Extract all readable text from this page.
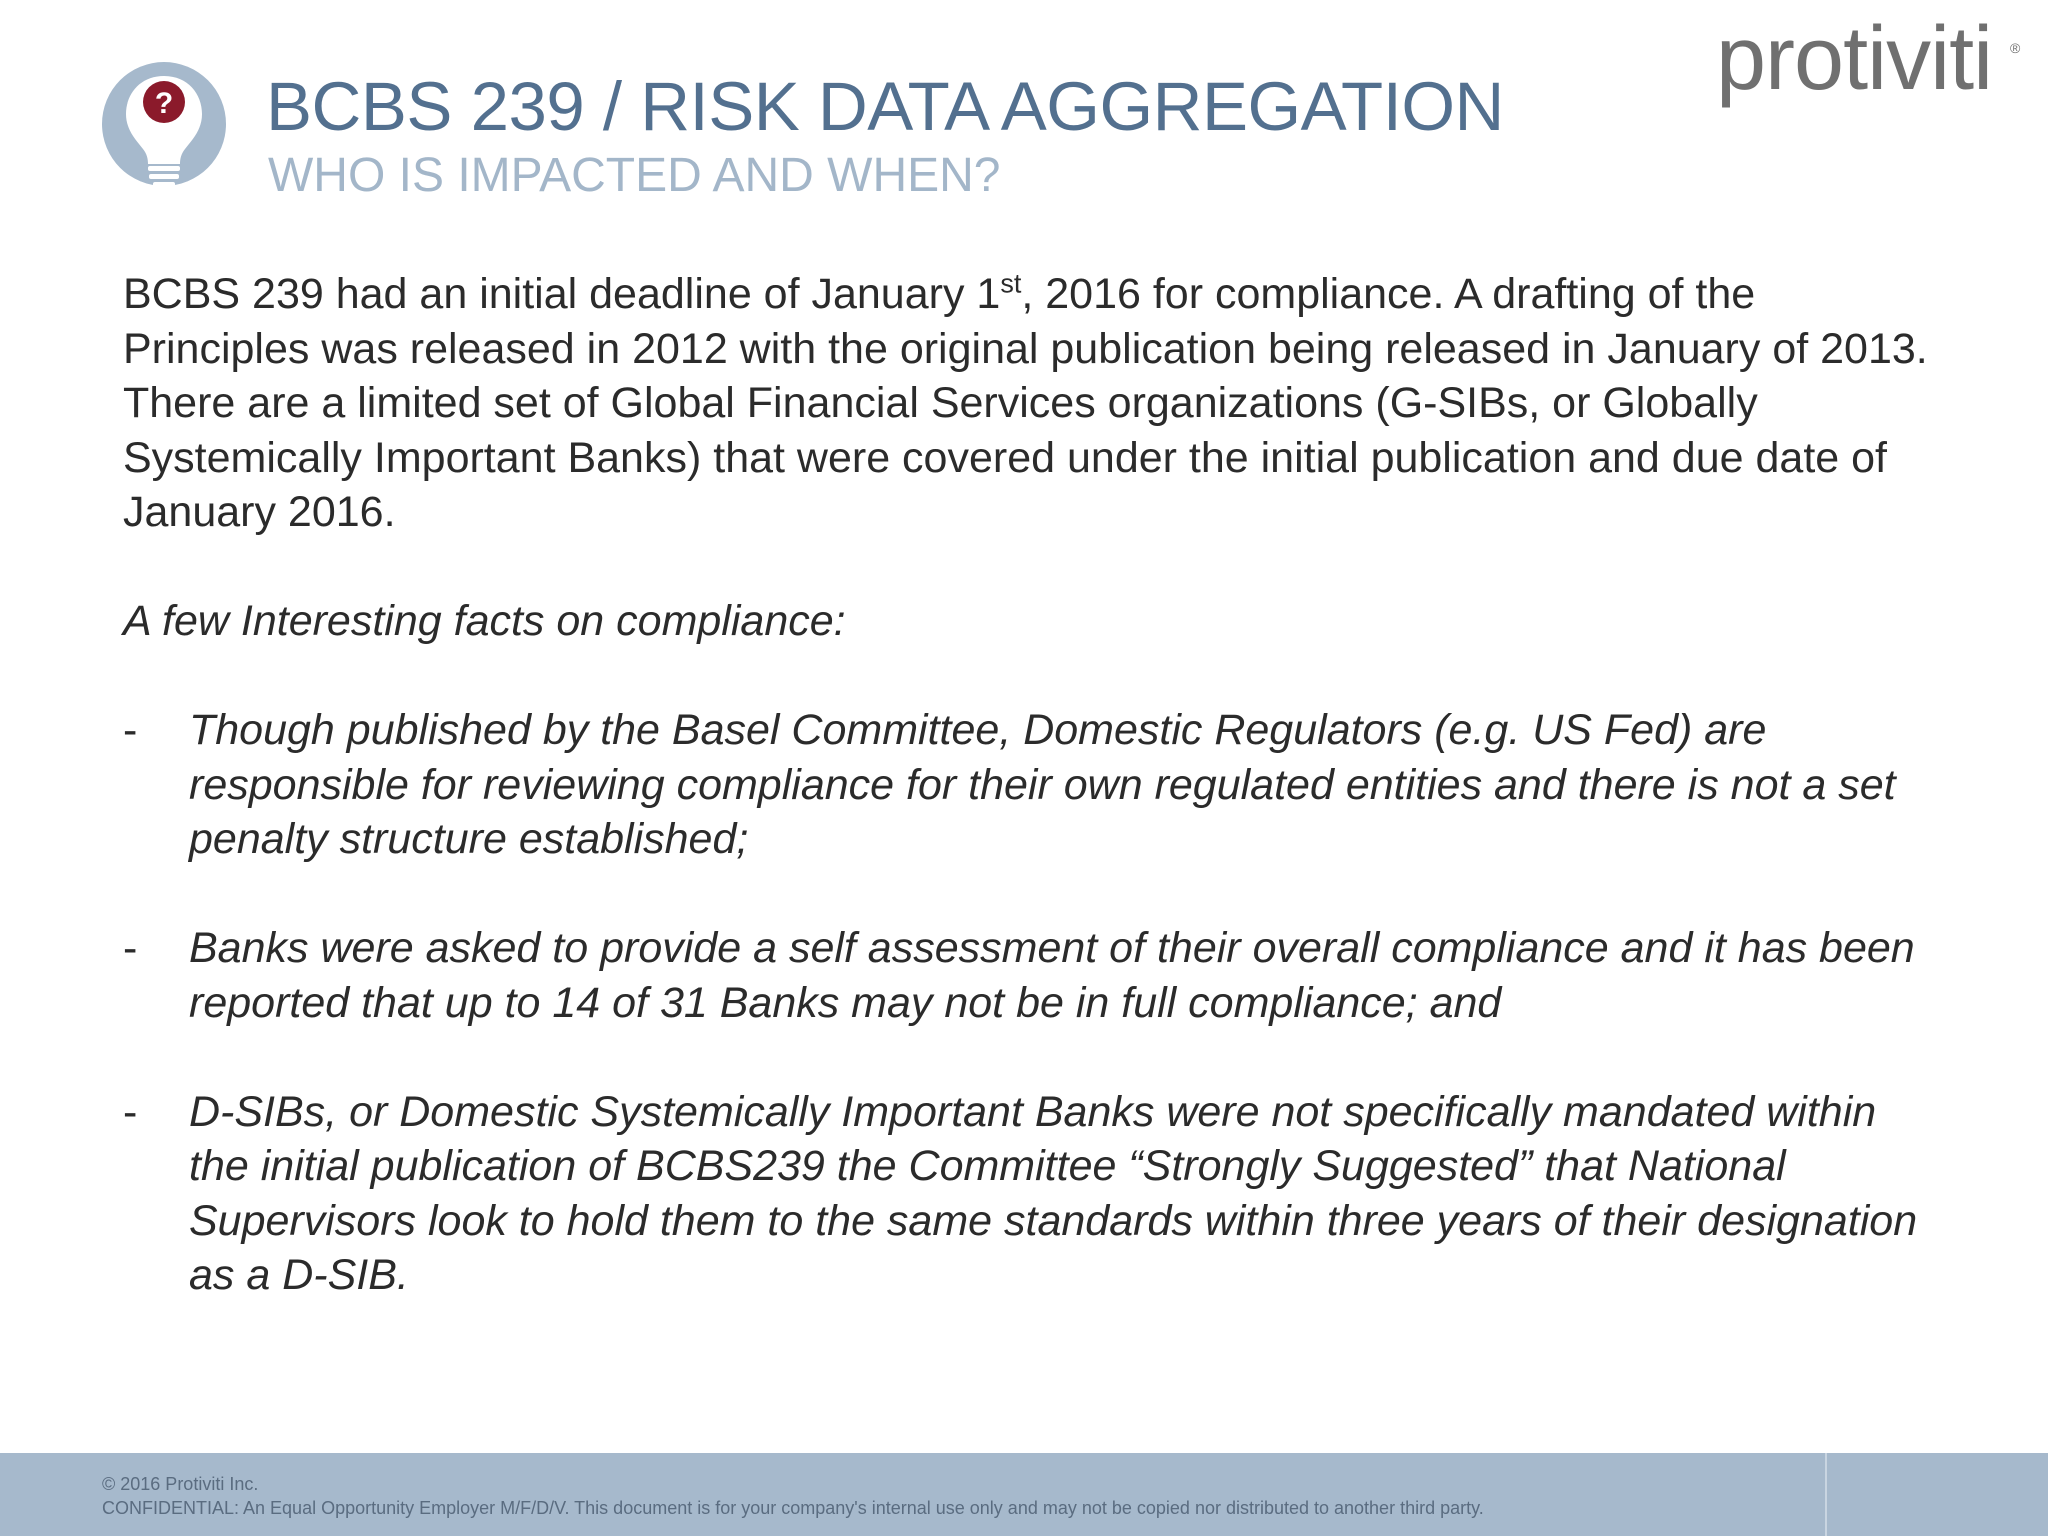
? BCBS 239 / RISK DATA AGGREGATION
WHO IS IMPACTED AND WHEN?
protiviti ®

BCBS 239 had an initial deadline of January 1st, 2016 for compliance. A drafting of the Principles was released in 2012 with the original publication being released in January of 2013. There are a limited set of Global Financial Services organizations (G-SIBs, or Globally Systemically Important Banks) that were covered under the initial publication and due date of January 2016.

A few Interesting facts on compliance:

- Though published by the Basel Committee, Domestic Regulators (e.g. US Fed) are responsible for reviewing compliance for their own regulated entities and there is not a set penalty structure established;
- Banks were asked to provide a self assessment of their overall compliance and it has been reported that up to 14 of 31 Banks may not be in full compliance; and
- D-SIBs, or Domestic Systemically Important Banks were not specifically mandated within the initial publication of BCBS239 the Committee “Strongly Suggested” that National Supervisors look to hold them to the same standards within three years of their designation as a D-SIB.
© 2016 Protiviti Inc.
CONFIDENTIAL: An Equal Opportunity Employer M/F/D/V. This document is for your company's internal use only and may not be copied nor distributed to another third party.
